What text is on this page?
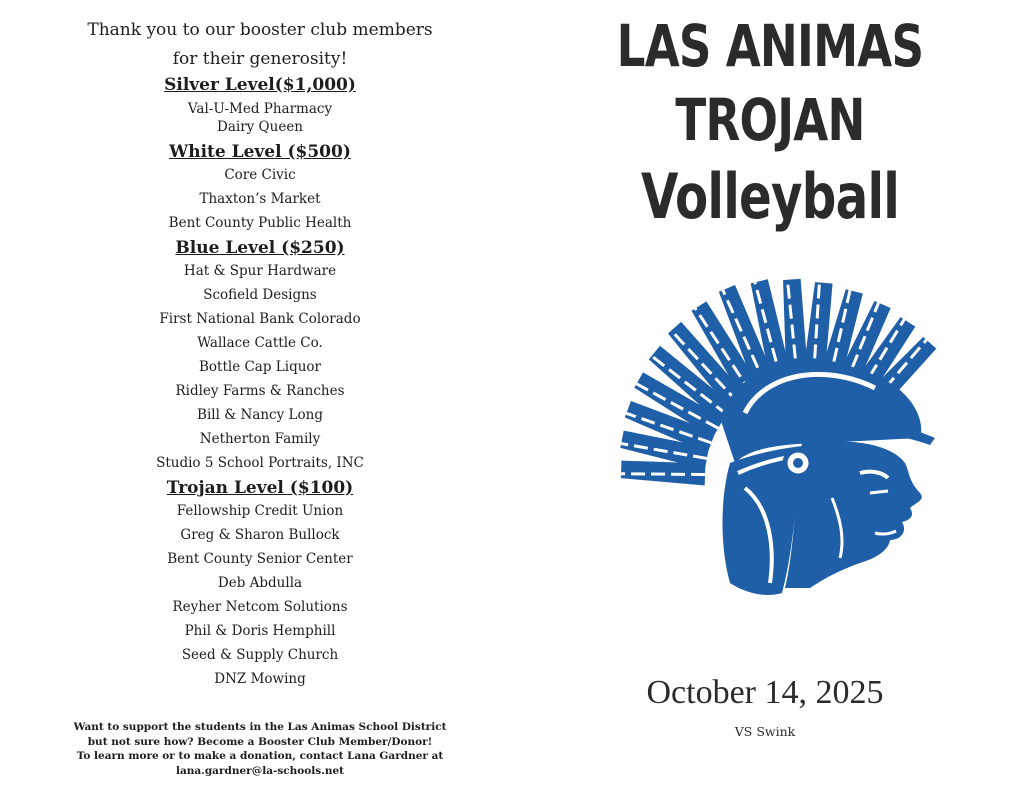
Thank you to our booster club members

for their generosity!

Silver Level($1,000)
Val-U-Med Pharmacy
Dairy Queen
White Level ($500)
Core Civic
Thaxton’s Market
Bent County Public Health
Blue Level ($250)
Hat & Spur Hardware
Scofield Designs
First National Bank Colorado
Wallace Cattle Co.
Bottle Cap Liquor
Ridley Farms & Ranches
Bill & Nancy Long
Netherton Family
Studio 5 School Portraits, INC
Trojan Level ($100)
Fellowship Credit Union
Greg & Sharon Bullock
Bent County Senior Center
Deb Abdulla
Reyher Netcom Solutions
Phil & Doris Hemphill
Seed & Supply Church
DNZ Mowing
Want to support the students in the Las Animas School District
but not sure how? Become a Booster Club Member/Donor!
To learn more or to make a donation, contact Lana Gardner at
lana.gardner@la-schools.net
LAS ANIMAS
TROJAN
Volleyball
October 14, 2025
VS Swink
